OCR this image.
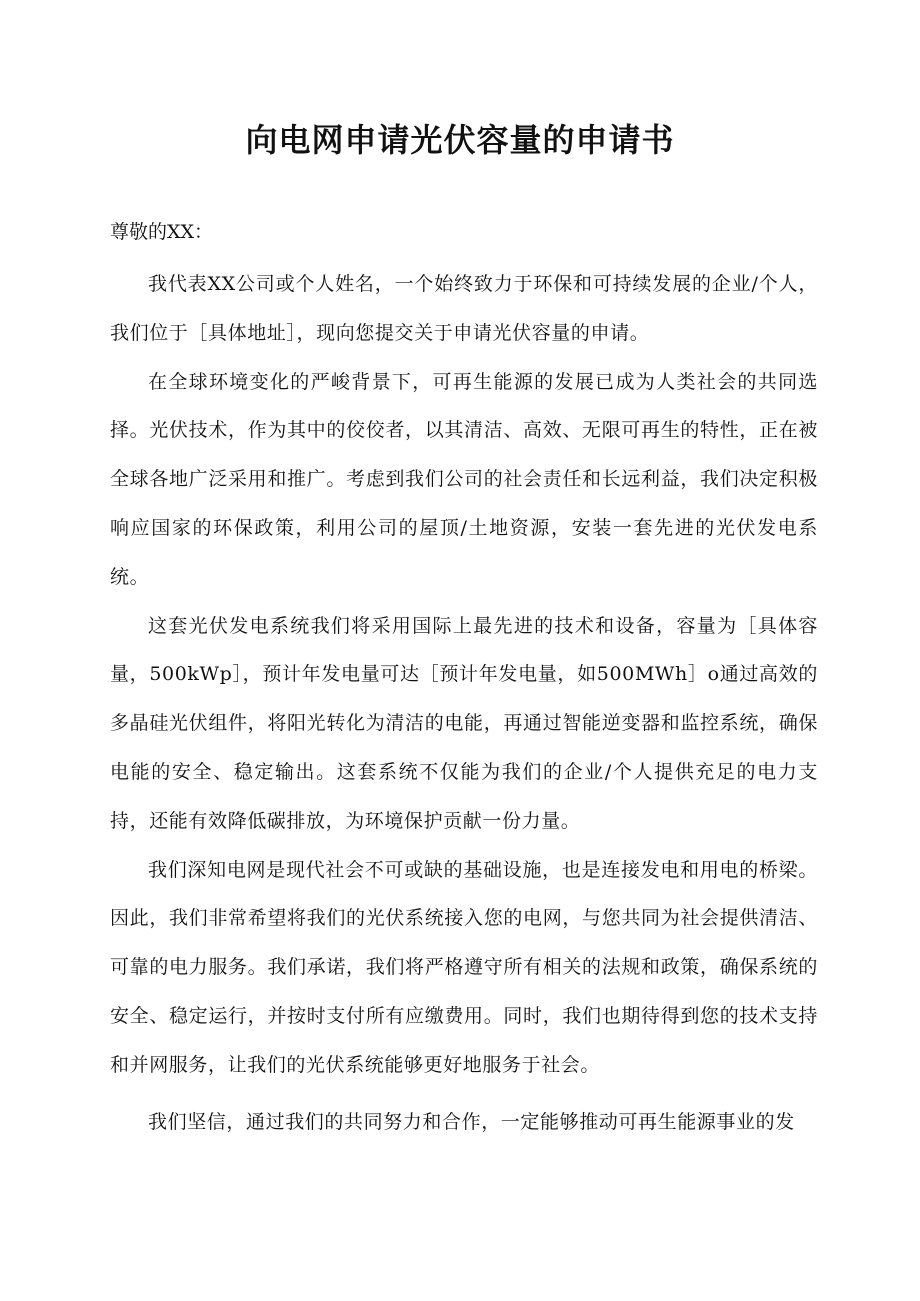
向电网申请光伏容量的申请书

尊敬的XX：

我代表XX公司或个人姓名，一个始终致力于环保和可持续发展的企业/个人，我们位于［具体地址］，现向您提交关于申请光伏容量的申请。

在全球环境变化的严峻背景下，可再生能源的发展已成为人类社会的共同选择。光伏技术，作为其中的佼佼者，以其清洁、高效、无限可再生的特性，正在被全球各地广泛采用和推广。考虑到我们公司的社会责任和长远利益，我们决定积极响应国家的环保政策，利用公司的屋顶/土地资源，安装一套先进的光伏发电系统。

这套光伏发电系统我们将采用国际上最先进的技术和设备，容量为［具体容量，500kWp］，预计年发电量可达［预计年发电量，如500MWh］o通过高效的多晶硅光伏组件，将阳光转化为清洁的电能，再通过智能逆变器和监控系统，确保电能的安全、稳定输出。这套系统不仅能为我们的企业/个人提供充足的电力支持，还能有效降低碳排放，为环境保护贡献一份力量。

我们深知电网是现代社会不可或缺的基础设施，也是连接发电和用电的桥梁。因此，我们非常希望将我们的光伏系统接入您的电网，与您共同为社会提供清洁、可靠的电力服务。我们承诺，我们将严格遵守所有相关的法规和政策，确保系统的安全、稳定运行，并按时支付所有应缴费用。同时，我们也期待得到您的技术支持和并网服务，让我们的光伏系统能够更好地服务于社会。

我们坚信，通过我们的共同努力和合作，一定能够推动可再生能源事业的发
